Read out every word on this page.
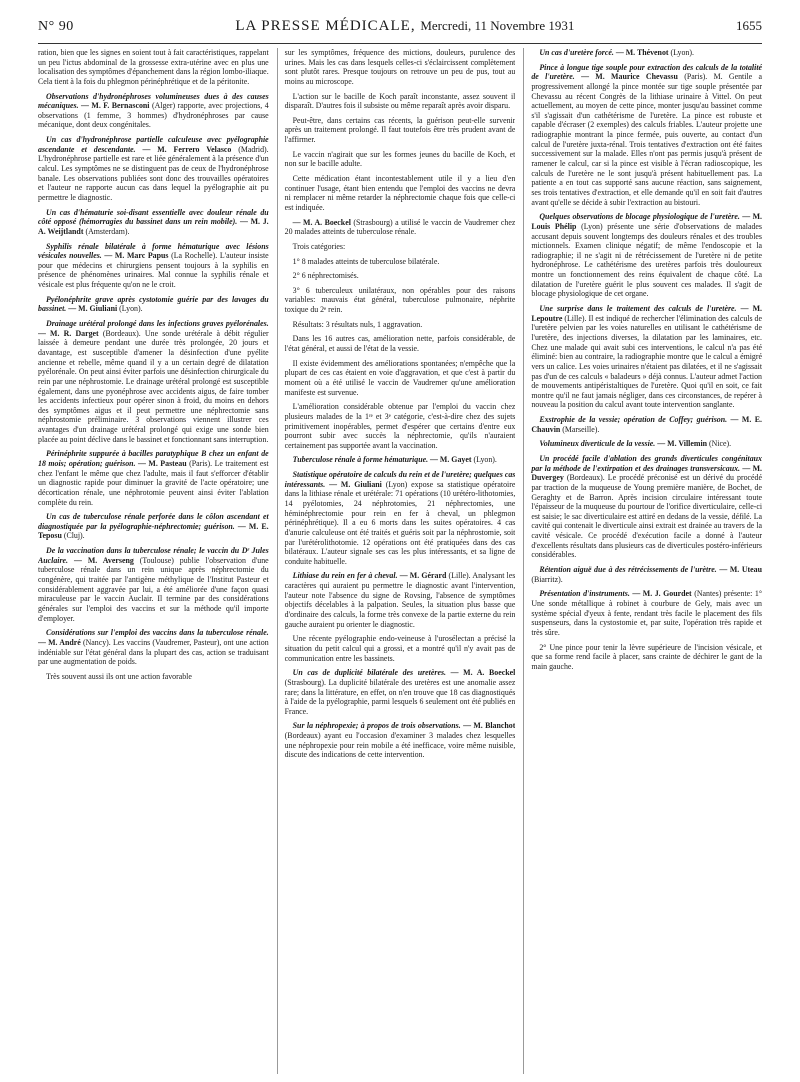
N° 90	LA PRESSE MÉDICALE, Mercredi, 11 Novembre 1931	1655

ration, bien que les signes en soient tout à fait caractéristiques, rappelant un peu l'ictus abdominal de la grossesse extra-utérine avec en plus une localisation des symptômes d'épanchement dans la région lombo-iliaque. Cela tient à la fois du phlegmon périnéphrétique et de la péritonite.

Observations d'hydronéphroses volumineuses dues à des causes mécaniques. — M. F. Bernasconi (Alger) rapporte, avec projections, 4 observations (1 femme, 3 hommes) d'hydronéphroses par cause mécanique, dont deux congénitales.

Un cas d'hydronéphrose partielle calculeuse avec pyélographie ascendante et descendante. — M. Ferrero Velasco (Madrid). L'hydronéphrose partielle est rare et liée généralement à la présence d'un calcul. Les symptômes ne se distinguent pas de ceux de l'hydronéphrose banale. Les observations publiées sont donc des trouvailles opératoires et l'auteur ne rapporte aucun cas dans lequel la pyélographie ait pu permettre le diagnostic.

Un cas d'hématurie soi-disant essentielle avec douleur rénale du côté opposé (hémorragies du bassinet dans un rein mobile). — M. J. A. Weijtlandt (Amsterdam).

Syphilis rénale bilatérale à forme hématurique avec lésions vésicales nouvelles. — M. Marc Papus (La Rochelle). L'auteur insiste pour que médecins et chirurgiens pensent toujours à la syphilis en présence de phénomènes urinaires. Mal connue la syphilis rénale et vésicale est plus fréquente qu'on ne le croit.

Pyélonéphrite grave après cystotomie guérie par des lavages du bassinet. — M. Giuliani (Lyon).

Drainage urétéral prolongé dans les infections graves pyélorénales. — M. R. Darget (Bordeaux). Une sonde urétérale à débit régulier laissée à demeure pendant une durée très prolongée, 20 jours et davantage, est susceptible d'amener la désinfection d'une pyélite ancienne et rebelle, même quand il y a un certain degré de dilatation pyélorénale. On peut ainsi éviter parfois une désinfection chirurgicale du rein par une néphrostomie. Le drainage urétéral prolongé est susceptible également, dans une pyonéphrose avec accidents aigus, de faire tomber les accidents infectieux pour opérer sinon à froid, du moins en dehors des symptômes aigus et il peut permettre une néphrectomie sans néphrostomie préliminaire. 3 observations viennent illustrer ces avantages d'un drainage urétéral prolongé qui exige une sonde bien placée au point déclive dans le bassinet et fonctionnant sans interruption.

Périnéphrite suppurée à bacilles paratyphique B chez un enfant de 18 mois; opération; guérison. — M. Pasteau (Paris). Le traitement est chez l'enfant le même que chez l'adulte, mais il faut s'efforcer d'établir un diagnostic rapide pour diminuer la gravité de l'acte opératoire; une décortication rénale, une néphrotomie peuvent ainsi éviter l'ablation complète du rein.

Un cas de tuberculose rénale perforée dans le côlon ascendant et diagnostiquée par la pyélographie-néphrectomie; guérison. — M. E. Teposu (Cluj).

De la vaccination dans la tuberculose rénale; le vaccin du Dʳ Jules Auclaire. — M. Averseng (Toulouse) publie l'observation d'une tuberculose rénale dans un rein unique après néphrectomie du congénère, qui traitée par l'antigène méthylique de l'Institut Pasteur et considérablement aggravée par lui, a été améliorée d'une façon quasi miraculeuse par le vaccin Auclair. Il termine par des considérations générales sur l'emploi des vaccins et sur la méthode qu'il importe d'employer.

Considérations sur l'emploi des vaccins dans la tuberculose rénale. — M. André (Nancy). Les vaccins (Vaudremer, Pasteur), ont une action indéniable sur l'état général dans la plupart des cas, action se traduisant par une augmentation de poids.

Très souvent aussi ils ont une action favorable

sur les symptômes, fréquence des mictions, douleurs, purulence des urines. Mais les cas dans lesquels celles-ci s'éclaircissent complètement sont plutôt rares. Presque toujours on retrouve un peu de pus, tout au moins au microscope.

L'action sur le bacille de Koch paraît inconstante, assez souvent il disparaît. D'autres fois il subsiste ou même reparaît après avoir disparu.

Peut-être, dans certains cas récents, la guérison peut-elle survenir après un traitement prolongé. Il faut toutefois être très prudent avant de l'affirmer.

Le vaccin n'agirait que sur les formes jeunes du bacille de Koch, et non sur le bacille adulte.

Cette médication étant incontestablement utile il y a lieu d'en continuer l'usage, étant bien entendu que l'emploi des vaccins ne devra ni remplacer ni même retarder la néphrectomie chaque fois que celle-ci est indiquée.

— M. A. Boeckel (Strasbourg) a utilisé le vaccin de Vaudremer chez 20 malades atteints de tuberculose rénale.

Trois catégories:

1° 8 malades atteints de tuberculose bilatérale.

2° 6 néphrectomisés.

3° 6 tuberculeux unilatéraux, non opérables pour des raisons variables: mauvais état général, tuberculose pulmonaire, néphrite toxique du 2ᵉ rein.

Résultats: 3 résultats nuls, 1 aggravation.

Dans les 16 autres cas, amélioration nette, parfois considérable, de l'état général, et aussi de l'état de la vessie.

Il existe évidemment des améliorations spontanées; n'empêche que la plupart de ces cas étaient en voie d'aggravation, et que c'est à partir du moment où a été utilisé le vaccin de Vaudremer qu'une amélioration manifeste est survenue.

L'amélioration considérable obtenue par l'emploi du vaccin chez plusieurs malades de la 1ʳᵉ et 3ᵉ catégorie, c'est-à-dire chez des sujets primitivement inopérables, permet d'espérer que certains d'entre eux pourront subir avec succès la néphrectomie, qu'ils n'auraient certainement pas supportée avant la vaccination.

Tuberculose rénale à forme hématurique. — M. Gayet (Lyon).

Statistique opératoire de calculs du rein et de l'uretère; quelques cas intéressants. — M. Giuliani (Lyon) expose sa statistique opératoire dans la lithiase rénale et urétérale: 71 opérations (10 urétéro-lithotomies, 14 pyélotomies, 24 néphrotomies, 21 néphrectomies, une héminéphrectomie pour rein en fer à cheval, un phlegmon périnéphrétique). Il a eu 6 morts dans les suites opératoires. 4 cas d'anurie calculeuse ont été traités et guéris soit par la néphrostomie, soit par l'urétérolithotomie. 12 opérations ont été pratiquées dans des cas bilatéraux. L'auteur signale ses cas les plus intéressants, et sa ligne de conduite habituelle.

Lithiase du rein en fer à cheval. — M. Gérard (Lille). Analysant les caractères qui auraient pu permettre le diagnostic avant l'intervention, l'auteur note l'absence du signe de Rovsing, l'absence de symptômes objectifs décelables à la palpation. Seules, la situation plus basse que d'ordinaire des calculs, la forme très convexe de la partie externe du rein gauche auraient pu orienter le diagnostic.

Une récente pyélographie endo-veineuse à l'urosélectan a précisé la situation du petit calcul qui a grossi, et a montré qu'il n'y avait pas de communication entre les bassinets.

Un cas de duplicité bilatérale des uretères. — M. A. Boeckel (Strasbourg). La duplicité bilatérale des uretères est une anomalie assez rare; dans la littérature, en effet, on n'en trouve que 18 cas diagnostiqués à l'aide de la pyélographie, parmi lesquels 6 seulement ont été publiés en France.

Sur la néphropexie; à propos de trois observations. — M. Blanchot (Bordeaux) ayant eu l'occasion d'examiner 3 malades chez lesquelles une néphropexie pour rein mobile a été inefficace, voire même nuisible, discute des indications de cette intervention.

Un cas d'uretère forcé. — M. Thévenot (Lyon).

Pince à longue tige souple pour extraction des calculs de la totalité de l'uretère. — M. Maurice Chevassu (Paris). M. Gentile a progressivement allongé la pince montée sur tige souple présentée par Chevassu au récent Congrès de la lithiase urinaire à Vittel. On peut actuellement, au moyen de cette pince, monter jusqu'au bassinet comme s'il s'agissait d'un cathétérisme de l'uretère. La pince est robuste et capable d'écraser (2 exemples) des calculs friables. L'auteur projette une radiographie montrant la pince fermée, puis ouverte, au contact d'un calcul de l'uretère juxta-rénal. Trois tentatives d'extraction ont été faites successivement sur la malade. Elles n'ont pas permis jusqu'à présent de ramener le calcul, car si la pince est visible à l'écran radioscopique, les calculs de l'uretère ne le sont jusqu'à présent habituellement pas. La patiente a en tout cas supporté sans aucune réaction, sans saignement, ses trois tentatives d'extraction, et elle demande qu'il en soit fait d'autres avant qu'elle se décide à subir l'extraction au bistouri.

Quelques observations de blocage physiologique de l'uretère. — M. Louis Phélip (Lyon) présente une série d'observations de malades accusant depuis souvent longtemps des douleurs rénales et des troubles mictionnels. Examen clinique négatif; de même l'endoscopie et la radiographie; il ne s'agit ni de rétrécissement de l'uretère ni de petite hydronéphrose. Le cathétérisme des uretères parfois très douloureux montre un fonctionnement des reins équivalent de chaque côté. La dilatation de l'uretère guérit le plus souvent ces malades. Il s'agit de blocage physiologique de cet organe.

Une surprise dans le traitement des calculs de l'uretère. — M. Lepoutre (Lille). Il est indiqué de rechercher l'élimination des calculs de l'uretère pelvien par les voies naturelles en utilisant le cathétérisme de l'uretère, des injections diverses, la dilatation par les laminaires, etc. Chez une malade qui avait subi ces interventions, le calcul n'a pas été éliminé: bien au contraire, la radiographie montre que le calcul a émigré vers un calice. Les voies urinaires n'étaient pas dilatées, et il ne s'agissait pas d'un de ces calculs « baladeurs » déjà connus. L'auteur admet l'action de mouvements antipéristaltiques de l'uretère. Quoi qu'il en soit, ce fait montre qu'il ne faut jamais négliger, dans ces circonstances, de repérer à nouveau la position du calcul avant toute intervention sanglante.

Exstrophie de la vessie; opération de Coffey; guérison. — M. E. Chauvin (Marseille).

Volumineux diverticule de la vessie. — M. Villemin (Nice).

Un procédé facile d'ablation des grands diverticules congénitaux par la méthode de l'extirpation et des drainages transversicaux. — M. Duvergey (Bordeaux). Le procédé préconisé est un dérivé du procédé par traction de la muqueuse de Young première manière, de Bochet, de Geraghty et de Barron. Après incision circulaire intéressant toute l'épaisseur de la muqueuse du pourtour de l'orifice diverticulaire, celle-ci est saisie; le sac diverticulaire est attiré en dedans de la vessie, défilé. La cavité qui contenait le diverticule ainsi extrait est drainée au travers de la cavité vésicale. Ce procédé d'exécution facile a donné à l'auteur d'excellents résultats dans plusieurs cas de diverticules postéro-inférieurs considérables.

Rétention aiguë due à des rétrécissements de l'urètre. — M. Uteau (Biarritz).

Présentation d'instruments. — M. J. Gourdet (Nantes) présente: 1° Une sonde métallique à robinet à courbure de Gely, mais avec un système spécial d'yeux à fente, rendant très facile le placement des fils suspenseurs, dans la cystostomie et, par suite, l'opération très rapide et très sûre.

2° Une pince pour tenir la lèvre supérieure de l'incision vésicale, et que sa forme rend facile à placer, sans crainte de déchirer le gant de la main gauche.
